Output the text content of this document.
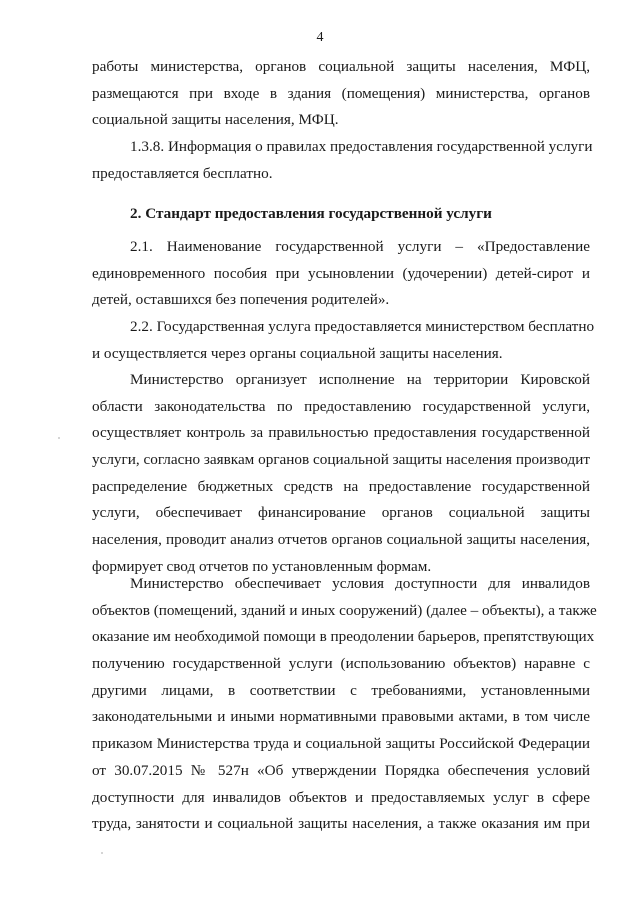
4
работы министерства, органов социальной защиты населения, МФЦ,
размещаются при входе в здания (помещения) министерства, органов
социальной защиты населения, МФЦ.
1.3.8. Информация о правилах предоставления государственной услуги
предоставляется бесплатно.
2. Стандарт предоставления государственной услуги
2.1. Наименование государственной услуги – «Предоставление
единовременного пособия при усыновлении (удочерении) детей-сирот и
детей, оставшихся без попечения родителей».
2.2. Государственная услуга предоставляется министерством бесплатно
и осуществляется через органы социальной защиты населения.
Министерство организует исполнение на территории Кировской
области законодательства по предоставлению государственной услуги,
осуществляет контроль за правильностью предоставления государственной
услуги, согласно заявкам органов социальной защиты населения производит
распределение бюджетных средств на предоставление государственной
услуги, обеспечивает финансирование органов социальной защиты
населения, проводит анализ отчетов органов социальной защиты населения,
формирует свод отчетов по установленным формам.
Министерство обеспечивает условия доступности для инвалидов
объектов (помещений, зданий и иных сооружений) (далее – объекты), а также
оказание им необходимой помощи в преодолении барьеров, препятствующих
получению государственной услуги (использованию объектов) наравне с
другими лицами, в соответствии с требованиями, установленными
законодательными и иными нормативными правовыми актами, в том числе
приказом Министерства труда и социальной защиты Российской Федерации
от 30.07.2015 № 527н «Об утверждении Порядка обеспечения условий
доступности для инвалидов объектов и предоставляемых услуг в сфере
труда, занятости и социальной защиты населения, а также оказания им при
